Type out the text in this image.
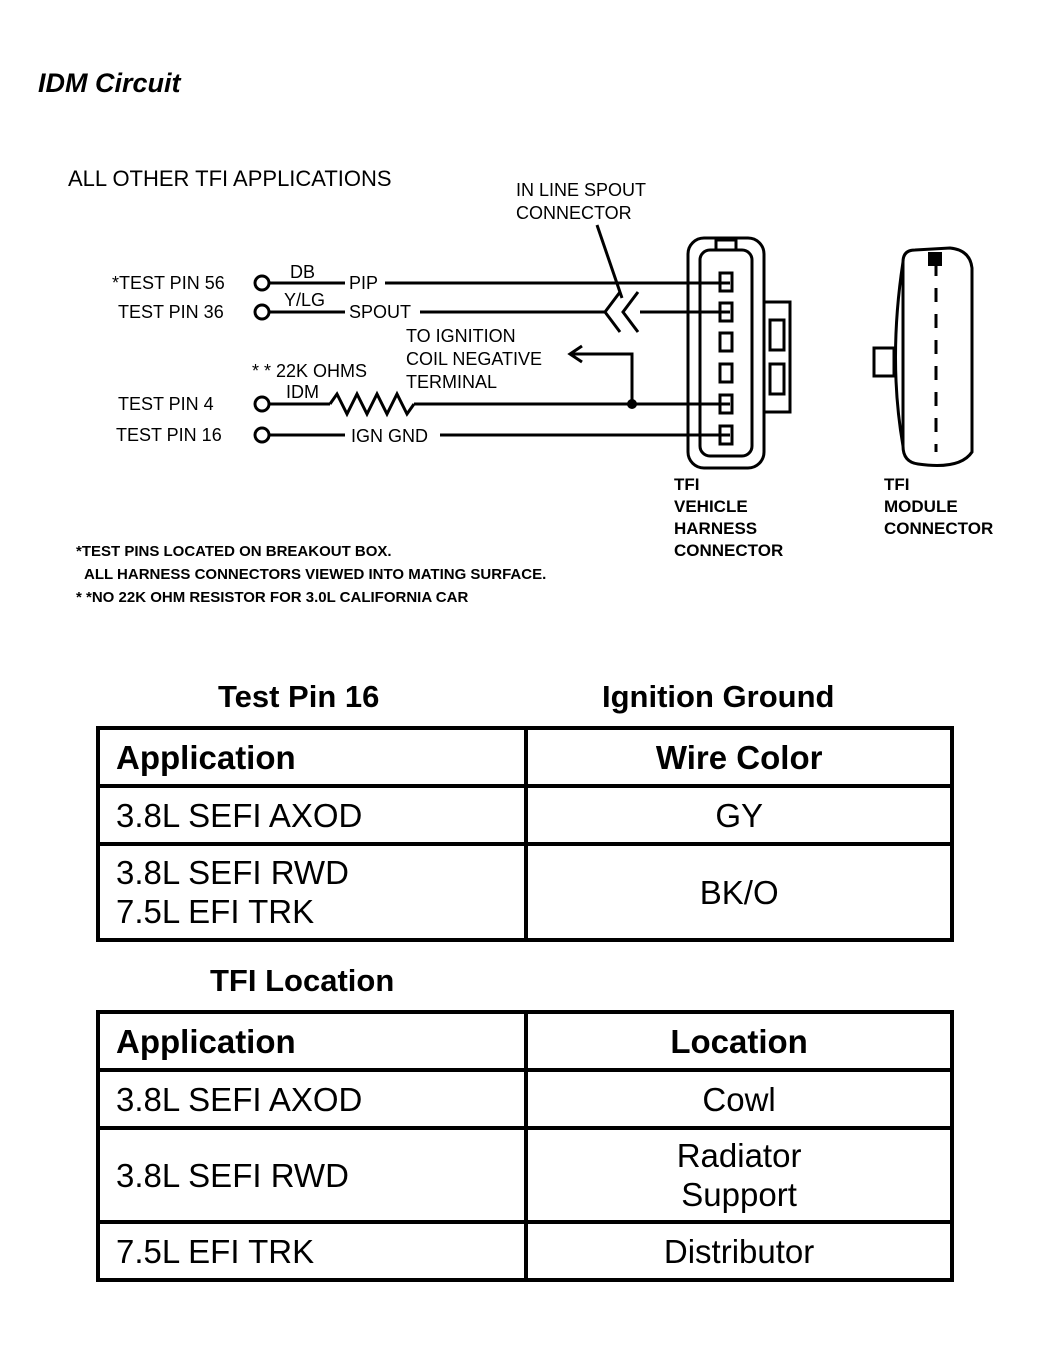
IDM Circuit
ALL OTHER TFI APPLICATIONS	IN LINE SPOUT
CONNECTOR
*TEST PIN 56
TEST PIN 36
TEST PIN 4
TEST PIN 16
DB
Y/LG
IDM
PIP
SPOUT
IGN GND
* * 22K OHMS
TO IGNITION
COIL NEGATIVE
TERMINAL
TFI
VEHICLE
HARNESS
CONNECTOR
TFI
MODULE
CONNECTOR
*TEST PINS LOCATED ON BREAKOUT BOX.
ALL HARNESS CONNECTORS VIEWED INTO MATING SURFACE.
* *NO 22K OHM RESISTOR FOR 3.0L CALIFORNIA CAR
Test Pin 16	Ignition Ground
Application	Wire Color

3.8L SEFI AXOD	GY

3.8L SEFI RWD
7.5L EFI TRK	BK/O
TFI Location
Application	Location

3.8L SEFI AXOD	Cowl

3.8L SEFI RWD	Radiator
Support

7.5L EFI TRK	Distributor
